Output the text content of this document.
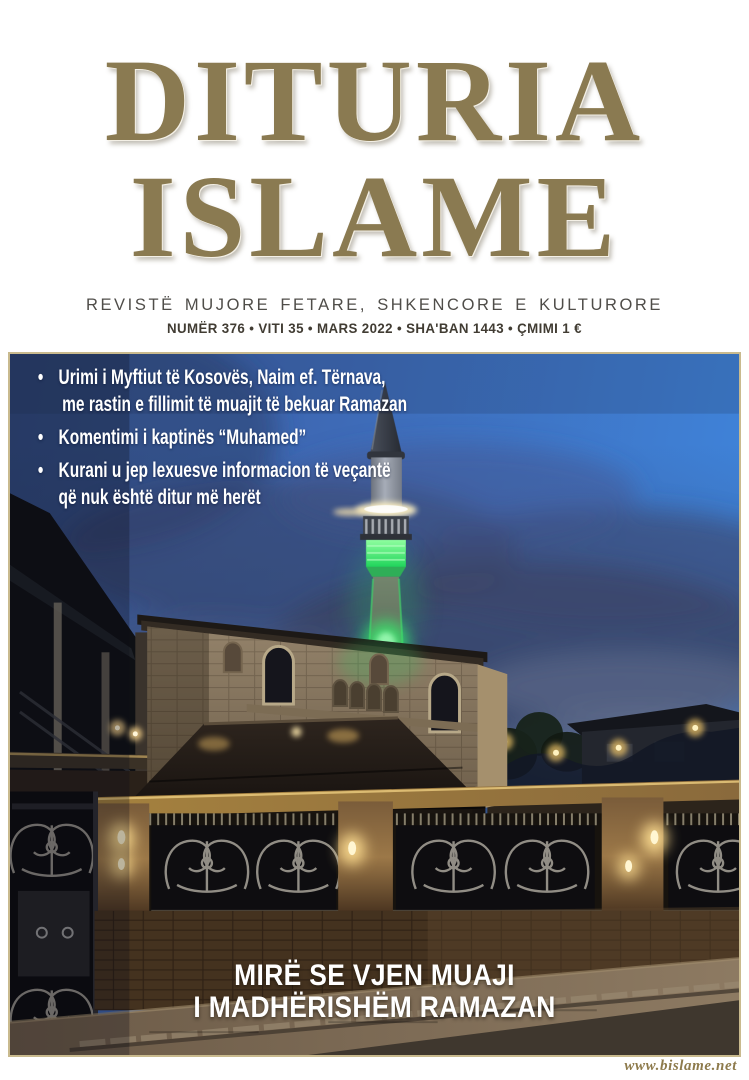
DITURIA
ISLAME
REVISTË MUJORE FETARE, SHKENCORE E KULTURORE
NUMËR 376 • VITI 35 • MARS 2022 • SHA'BAN 1443 • ÇMIMI 1 €
• Urimi i Myftiut të Kosovës, Naim ef. Tërnava,
me rastin e fillimit të muajit të bekuar Ramazan
• Komentimi i kaptinës “Muhamed”
• Kurani u jep lexuesve informacion të veçantë
që nuk është ditur më herët
MIRË SE VJEN MUAJI
I MADHËRISHËM RAMAZAN
www.bislame.net
